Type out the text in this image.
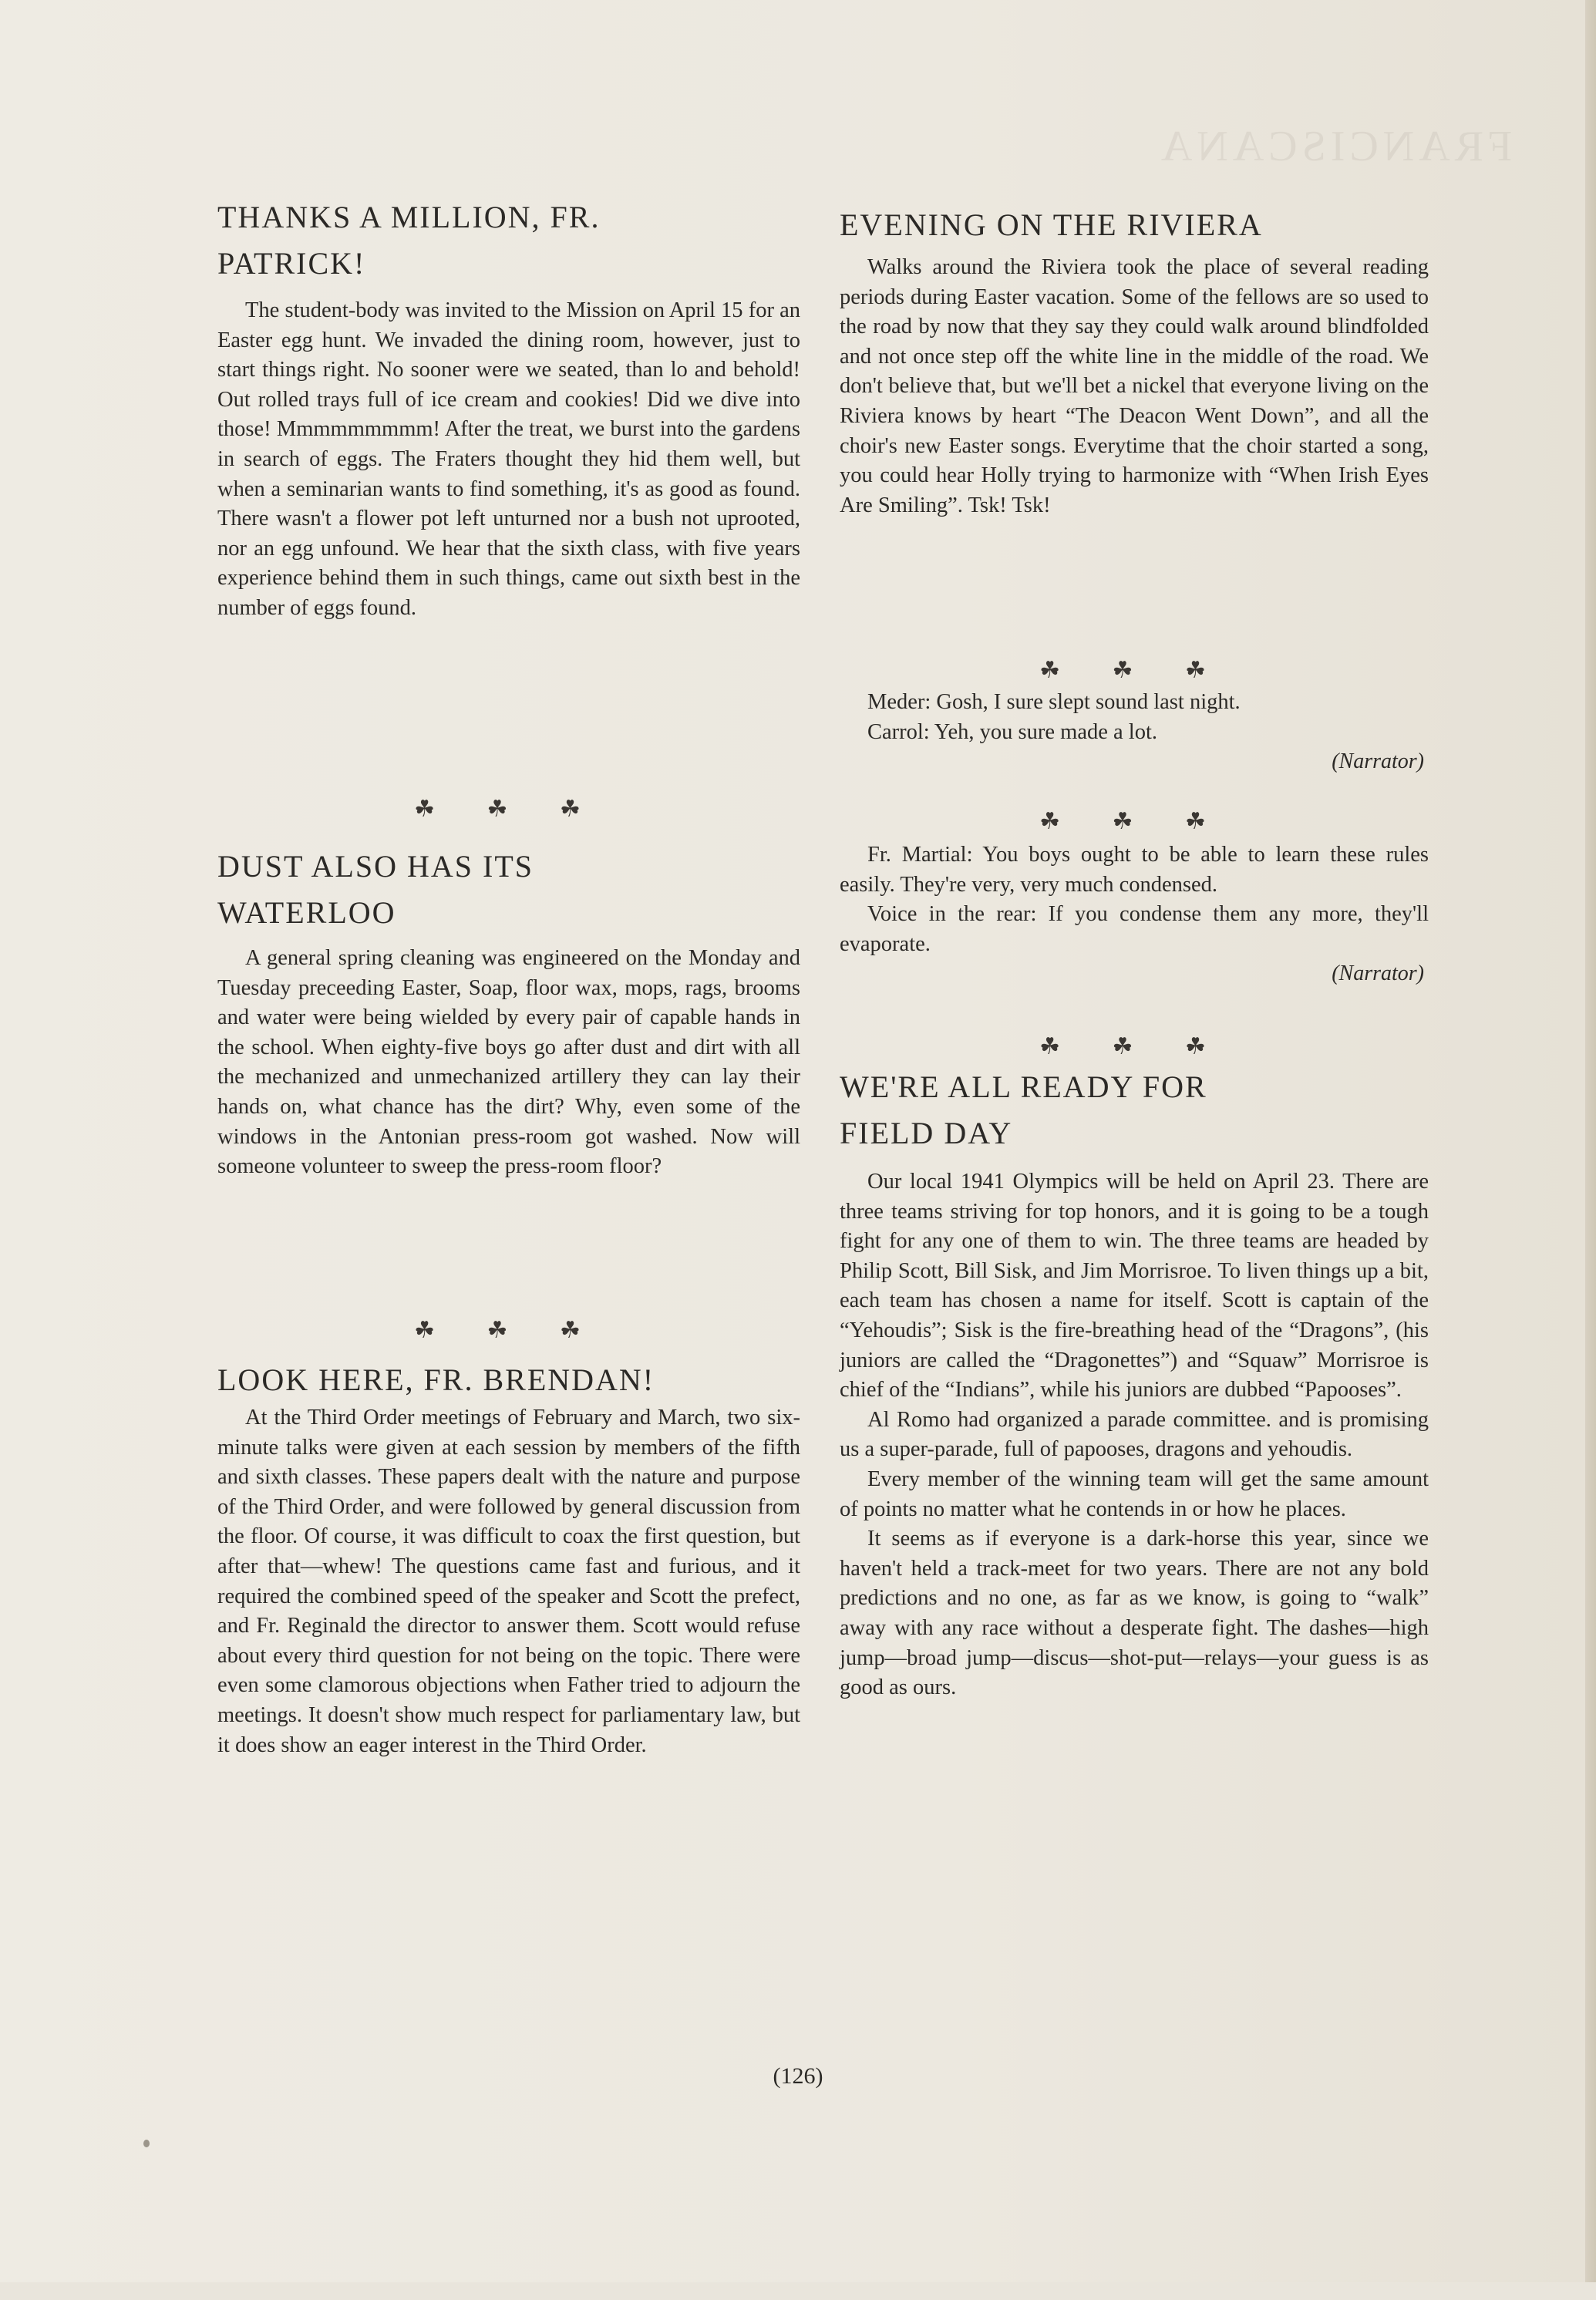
FRANCISCANA
THANKS A MILLION, FR.
PATRICK!

The student-body was invited to the Mission on April 15 for an Easter egg hunt. We invaded the dining room, however, just to start things right. No sooner were we seated, than lo and behold! Out rolled trays full of ice cream and cookies! Did we dive into those! Mmmmmmmmm! After the treat, we burst into the gardens in search of eggs. The Fraters thought they hid them well, but when a seminarian wants to find something, it's as good as found. There wasn't a flower pot left unturned nor a bush not uprooted, nor an egg unfound. We hear that the sixth class, with five years experience behind them in such things, came out sixth best in the number of eggs found.

☘ ☘ ☘
DUST ALSO HAS ITS
WATERLOO

A general spring cleaning was engineered on the Monday and Tuesday preceeding Easter, Soap, floor wax, mops, rags, brooms and water were being wielded by every pair of capable hands in the school. When eighty-five boys go after dust and dirt with all the mechanized and unmechanized artillery they can lay their hands on, what chance has the dirt? Why, even some of the windows in the Antonian press-room got washed. Now will someone volunteer to sweep the press-room floor?

☘ ☘ ☘
LOOK HERE, FR. BRENDAN!

At the Third Order meetings of February and March, two six-minute talks were given at each session by members of the fifth and sixth classes. These papers dealt with the nature and purpose of the Third Order, and were followed by general discussion from the floor. Of course, it was difficult to coax the first question, but after that—whew! The questions came fast and furious, and it required the combined speed of the speaker and Scott the prefect, and Fr. Reginald the director to answer them. Scott would refuse about every third question for not being on the topic. There were even some clamorous objections when Father tried to adjourn the meetings. It doesn't show much respect for parliamentary law, but it does show an eager interest in the Third Order.

EVENING ON THE RIVIERA

Walks around the Riviera took the place of several reading periods during Easter vacation. Some of the fellows are so used to the road by now that they say they could walk around blindfolded and not once step off the white line in the middle of the road. We don't believe that, but we'll bet a nickel that everyone living on the Riviera knows by heart “The Deacon Went Down”, and all the choir's new Easter songs. Everytime that the choir started a song, you could hear Holly trying to harmonize with “When Irish Eyes Are Smiling”. Tsk! Tsk!

☘ ☘ ☘

Meder: Gosh, I sure slept sound last night.

Carrol: Yeh, you sure made a lot.

(Narrator)

☘ ☘ ☘

Fr. Martial: You boys ought to be able to learn these rules easily. They're very, very much condensed.

Voice in the rear: If you condense them any more, they'll evaporate.

(Narrator)

☘ ☘ ☘
WE'RE ALL READY FOR
FIELD DAY

Our local 1941 Olympics will be held on April 23. There are three teams striving for top honors, and it is going to be a tough fight for any one of them to win. The three teams are headed by Philip Scott, Bill Sisk, and Jim Morrisroe. To liven things up a bit, each team has chosen a name for itself. Scott is captain of the “Yehoudis”; Sisk is the fire-breathing head of the “Dragons”, (his juniors are called the “Dragonettes”) and “Squaw” Morrisroe is chief of the “Indians”, while his juniors are dubbed “Papooses”.

Al Romo had organized a parade committee. and is promising us a super-parade, full of papooses, dragons and yehoudis.

Every member of the winning team will get the same amount of points no matter what he contends in or how he places.

It seems as if everyone is a dark-horse this year, since we haven't held a track-meet for two years. There are not any bold predictions and no one, as far as we know, is going to “walk” away with any race without a desperate fight. The dashes—high jump—broad jump—discus—shot-put—relays—your guess is as good as ours.

(126)
